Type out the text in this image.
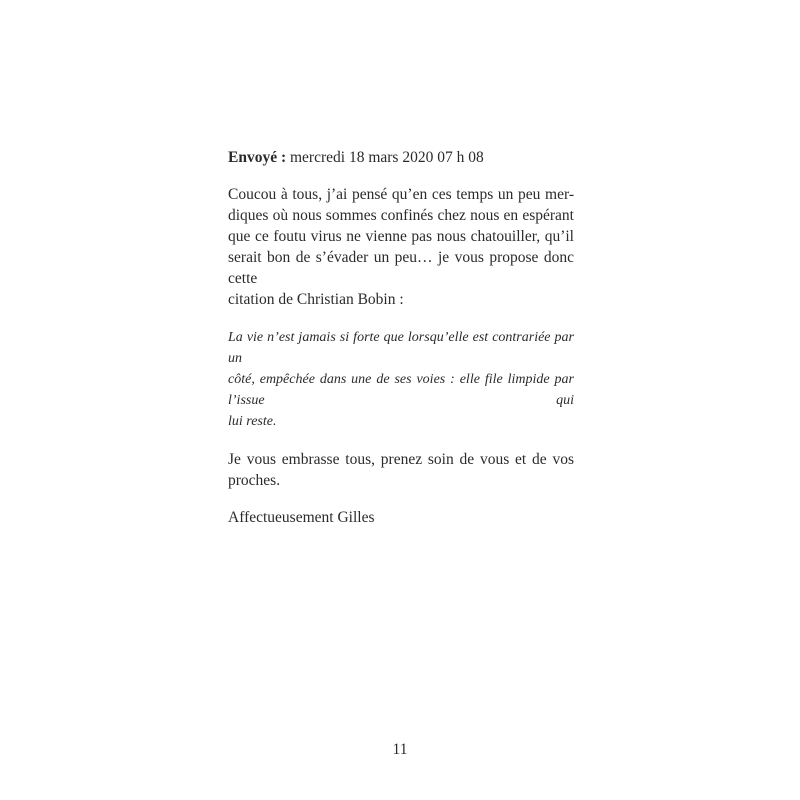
Envoyé : mercredi 18 mars 2020 07 h 08

Coucou à tous, j’ai pensé qu’en ces temps un peu mer-
diques où nous sommes confinés chez nous en espérant
que ce foutu virus ne vienne pas nous chatouiller, qu’il
serait bon de s’évader un peu… je vous propose donc cette
citation de Christian Bobin :
La vie n’est jamais si forte que lorsqu’elle est contrariée par un
côté, empêchée dans une de ses voies : elle file limpide par l’issue qui
lui reste.
Je vous embrasse tous, prenez soin de vous et de vos
proches.

Affectueusement Gilles

11
